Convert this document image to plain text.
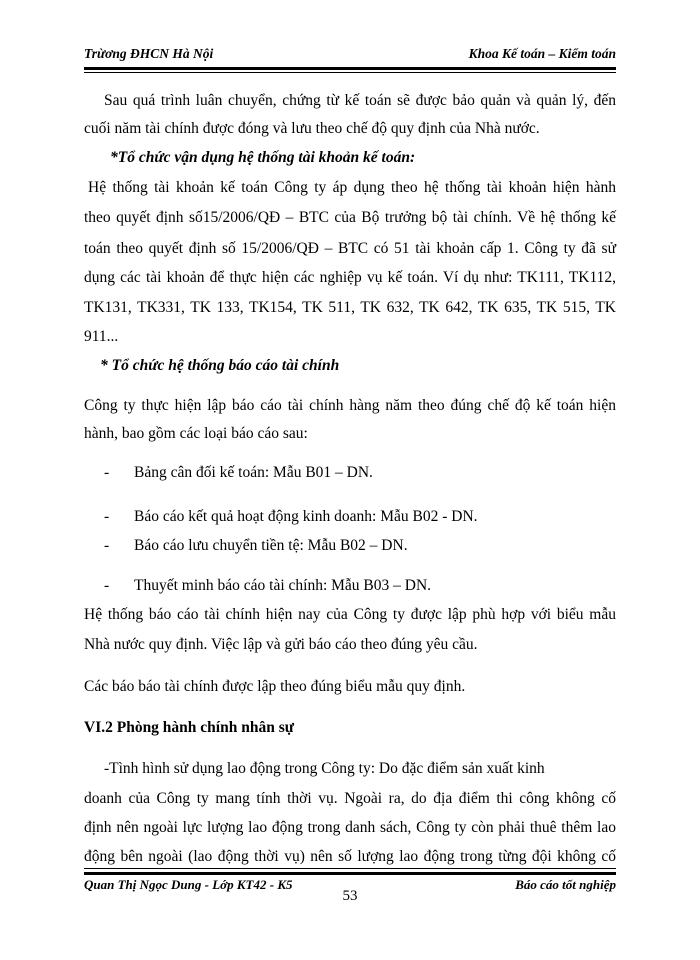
Trừơng ĐHCN Hà Nội	Khoa Kế toán – Kiểm toán
Sau quá trình luân chuyển, chứng từ kế toán sẽ được bảo quản và quản lý, đến
cuối năm tài chính được đóng và lưu theo chế độ quy định của Nhà nước.
*Tổ chức vận dụng hệ thống tài khoản kế toán:
Hệ thống tài khoản kế toán Công ty áp dụng theo hệ thống tài khoản hiện hành
theo quyết định số15/2006/QĐ – BTC của Bộ trưởng bộ tài chính. Về hệ thống kế
toán theo quyết định số 15/2006/QĐ – BTC có 51 tài khoản cấp 1. Công ty đã sử
dụng các tài khoản để thực hiện các nghiệp vụ kế toán. Ví dụ như: TK111, TK112,
TK131, TK331, TK 133, TK154, TK 511, TK 632, TK 642, TK 635, TK 515, TK
911...
* Tổ chức hệ thống báo cáo tài chính
Công ty thực hiện lập báo cáo tài chính hàng năm theo đúng chế độ kế toán hiện
hành, bao gồm các loại báo cáo sau:
- Bảng cân đối kế toán: Mẫu B01 – DN.
- Báo cáo kết quả hoạt động kinh doanh: Mẫu B02 - DN.
- Báo cáo lưu chuyển tiền tệ: Mẫu B02 – DN.
- Thuyết minh báo cáo tài chính: Mẫu B03 – DN.
Hệ thống báo cáo tài chính hiện nay của Công ty được lập phù hợp với biểu mẫu
Nhà nước quy định. Việc lập và gửi báo cáo theo đúng yêu cầu.
Các báo báo tài chính được lập theo đúng biểu mẫu quy định.
VI.2 Phòng hành chính nhân sự
-Tình hình sử dụng lao động trong Công ty: Do đặc điểm sản xuất kinh
doanh của Công ty mang tính thời vụ. Ngoài ra, do địa điểm thi công không cố
định nên ngoài lực lượng lao động trong danh sách, Công ty còn phải thuê thêm lao
động bên ngoài (lao động thời vụ) nên số lượng lao động trong từng đội không cố
Quan Thị Ngọc Dung - Lớp KT42 - K5	Báo cáo tốt nghiệp
53
